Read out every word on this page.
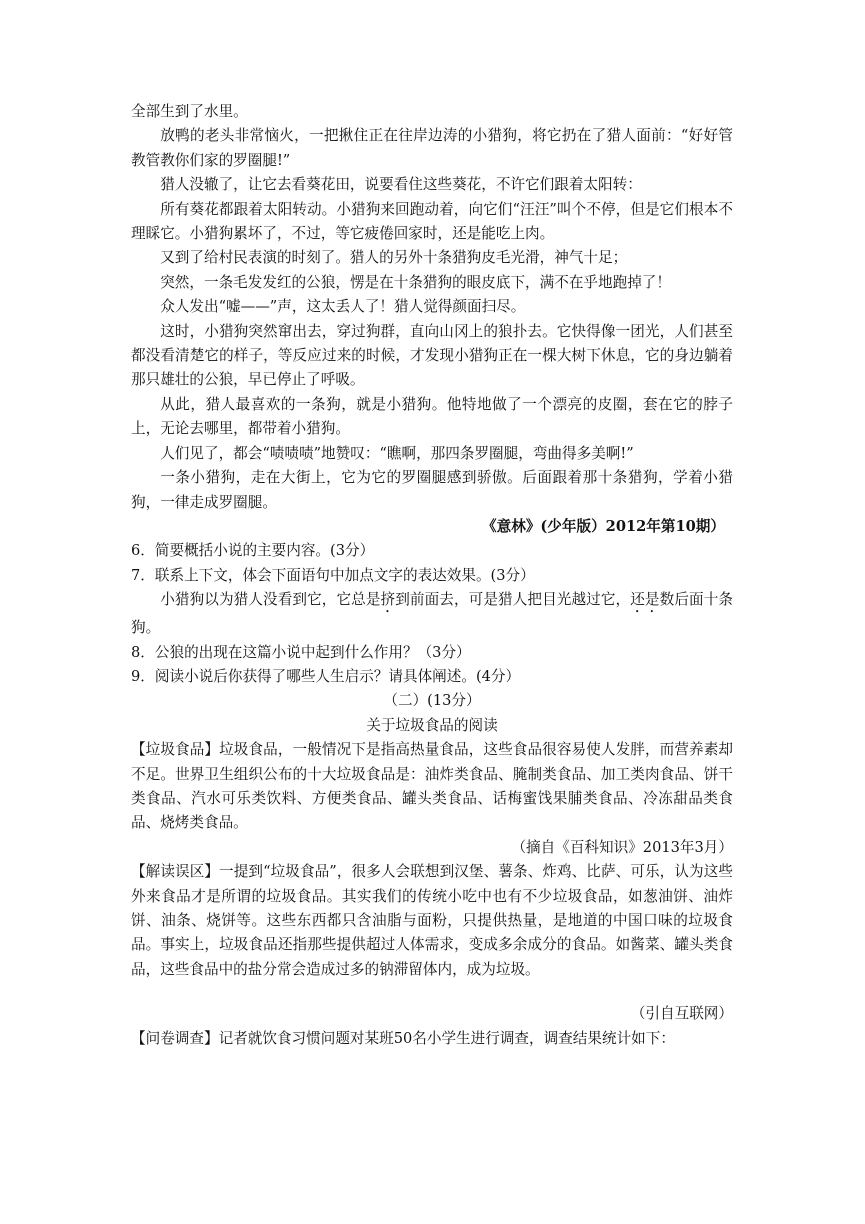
全部生到了水里。

放鸭的老头非常恼火，一把揪住正在往岸边涛的小猎狗，将它扔在了猎人面前：“好好管教管教你们家的罗圈腿!”

猎人没辙了，让它去看葵花田，说要看住这些葵花，不许它们跟着太阳转：

所有葵花都跟着太阳转动。小猎狗来回跑动着，向它们“汪汪”叫个不停，但是它们根本不理睬它。小猎狗累坏了，不过，等它疲倦回家时，还是能吃上肉。

又到了给村民表演的时刻了。猎人的另外十条猎狗皮毛光滑，神气十足；

突然，一条毛发发红的公狼，愣是在十条猎狗的眼皮底下，满不在乎地跑掉了！

众人发出“嘘——”声，这太丢人了！猎人觉得颜面扫尽。

这时，小猎狗突然窜出去，穿过狗群，直向山冈上的狼扑去。它快得像一团光，人们甚至都没看清楚它的样子，等反应过来的时候，才发现小猎狗正在一棵大树下休息，它的身边躺着那只雄壮的公狼，早已停止了呼吸。

从此，猎人最喜欢的一条狗，就是小猎狗。他特地做了一个漂亮的皮圈，套在它的脖子上，无论去哪里，都带着小猎狗。

人们见了，都会“啧啧啧”地赞叹：“瞧啊，那四条罗圈腿，弯曲得多美啊!”

一条小猎狗，走在大街上，它为它的罗圈腿感到骄傲。后面跟着那十条猎狗，学着小猎狗，一律走成罗圈腿。

《意林》(少年版）2012年第10期）

6．简要概括小说的主要内容。(3分）

7．联系上下文，体会下面语句中加点文字的表达效果。(3分）

小猎狗以为猎人没看到它，它总是挤到前面去，可是猎人把目光越过它，还是数后面十条狗。

8．公狼的出现在这篇小说中起到什么作用？（3分）

9．阅读小说后你获得了哪些人生启示？请具体阐述。(4分）

（二）(13分）

关于垃圾食品的阅读

【垃圾食品】垃圾食品，一般情况下是指高热量食品，这些食品很容易使人发胖，而营养素却不足。世界卫生组织公布的十大垃圾食品是：油炸类食品、腌制类食品、加工类肉食品、饼干类食品、汽水可乐类饮料、方便类食品、罐头类食品、话梅蜜饯果脯类食品、冷冻甜品类食品、烧烤类食品。

（摘自《百科知识》2013年3月）

【解读误区】一提到“垃圾食品”，很多人会联想到汉堡、薯条、炸鸡、比萨、可乐，认为这些外来食品才是所谓的垃圾食品。其实我们的传统小吃中也有不少垃圾食品，如葱油饼、油炸饼、油条、烧饼等。这些东西都只含油脂与面粉，只提供热量，是地道的中国口味的垃圾食品。事实上，垃圾食品还指那些提供超过人体需求，变成多余成分的食品。如酱菜、罐头类食品，这些食品中的盐分常会造成过多的钠滞留体内，成为垃圾。

（引自互联网）

【问卷调查】记者就饮食习惯问题对某班50名小学生进行调查，调查结果统计如下：
